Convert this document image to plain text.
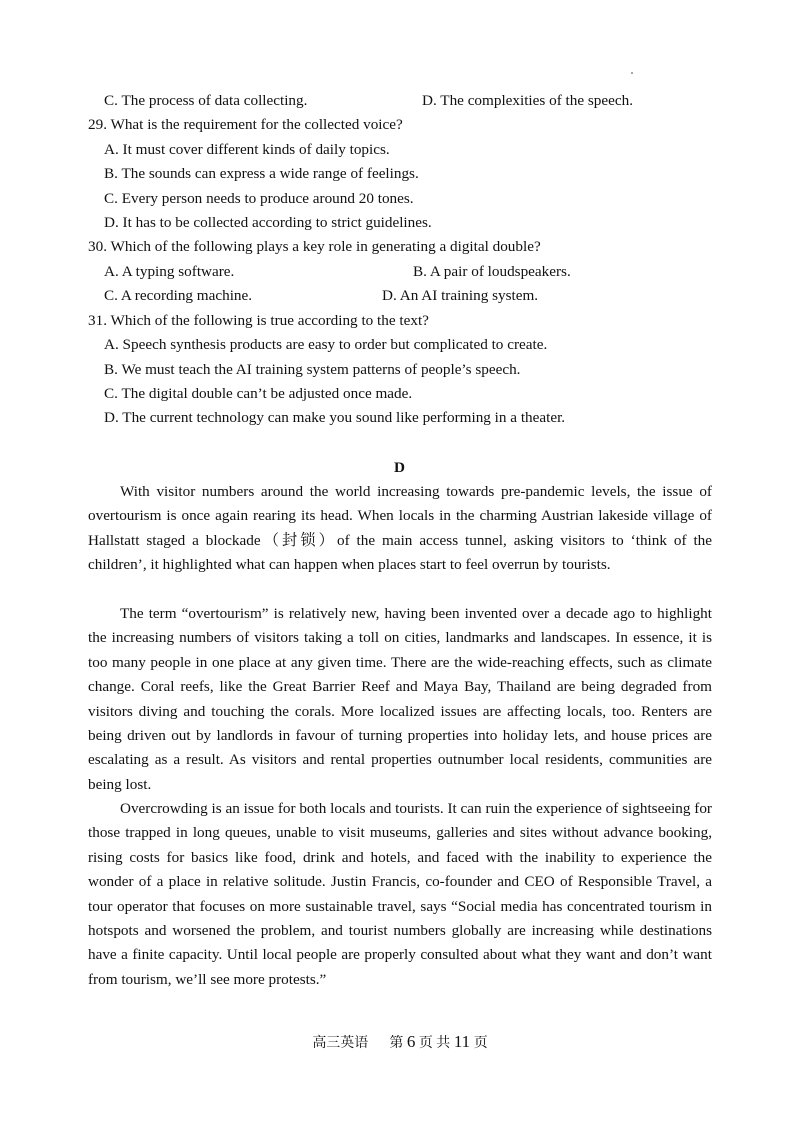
C. The process of data collecting.	D. The complexities of the speech.
29. What is the requirement for the collected voice?
A. It must cover different kinds of daily topics.
B. The sounds can express a wide range of feelings.
C. Every person needs to produce around 20 tones.
D. It has to be collected according to strict guidelines.
30. Which of the following plays a key role in generating a digital double?
A. A typing software.	B. A pair of loudspeakers.
C. A recording machine.	D. An AI training system.
31. Which of the following is true according to the text?
A. Speech synthesis products are easy to order but complicated to create.
B. We must teach the AI training system patterns of people’s speech.
C. The digital double can’t be adjusted once made.
D. The current technology can make you sound like performing in a theater.
D

With visitor numbers around the world increasing towards pre-pandemic levels, the issue of overtourism is once again rearing its head. When locals in the charming Austrian lakeside village of Hallstatt staged a blockade（封锁）of the main access tunnel, asking visitors to ‘think of the children’, it highlighted what can happen when places start to feel overrun by tourists.

The term “overtourism” is relatively new, having been invented over a decade ago to highlight the increasing numbers of visitors taking a toll on cities, landmarks and landscapes. In essence, it is too many people in one place at any given time. There are the wide-reaching effects, such as climate change. Coral reefs, like the Great Barrier Reef and Maya Bay, Thailand are being degraded from visitors diving and touching the corals. More localized issues are affecting locals, too. Renters are being driven out by landlords in favour of turning properties into holiday lets, and house prices are escalating as a result. As visitors and rental properties outnumber local residents, communities are being lost.

Overcrowding is an issue for both locals and tourists. It can ruin the experience of sightseeing for those trapped in long queues, unable to visit museums, galleries and sites without advance booking, rising costs for basics like food, drink and hotels, and faced with the inability to experience the wonder of a place in relative solitude. Justin Francis, co-founder and CEO of Responsible Travel, a tour operator that focuses on more sustainable travel, says “Social media has concentrated tourism in hotspots and worsened the problem, and tourist numbers globally are increasing while destinations have a finite capacity. Until local people are properly consulted about what they want and don’t want from tourism, we’ll see more protests.”

高三英语 第 6 页 共 11 页
